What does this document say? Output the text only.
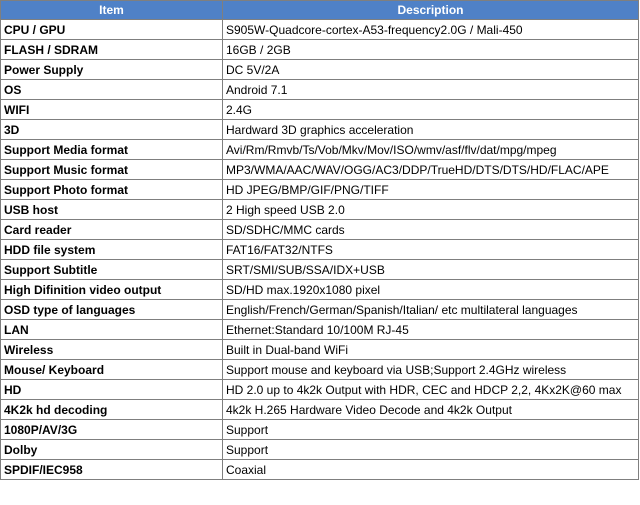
Item	Description
CPU / GPU	S905W-Quadcore-cortex-A53-frequency2.0G / Mali-450
FLASH / SDRAM	16GB / 2GB
Power Supply	DC 5V/2A
OS	Android 7.1
WIFI	2.4G
3D	Hardward 3D graphics acceleration
Support Media format	Avi/Rm/Rmvb/Ts/Vob/Mkv/Mov/ISO/wmv/asf/flv/dat/mpg/mpeg
Support Music format	MP3/WMA/AAC/WAV/OGG/AC3/DDP/TrueHD/DTS/DTS/HD/FLAC/APE
Support Photo format	HD JPEG/BMP/GIF/PNG/TIFF
USB host	2 High speed USB 2.0
Card reader	SD/SDHC/MMC cards
HDD file system	FAT16/FAT32/NTFS
Support Subtitle	SRT/SMI/SUB/SSA/IDX+USB
High Difinition video output	SD/HD max.1920x1080 pixel
OSD type of languages	English/French/German/Spanish/Italian/ etc multilateral languages
LAN	Ethernet:Standard 10/100M RJ-45
Wireless	Built in Dual-band WiFi
Mouse/ Keyboard	Support mouse and keyboard via USB;Support 2.4GHz wireless
HD	HD 2.0 up to 4k2k Output with HDR, CEC and HDCP 2,2, 4Kx2K@60 max
4K2k hd decoding	4k2k H.265 Hardware Video Decode and 4k2k Output
1080P/AV/3G	Support
Dolby	Support
SPDIF/IEC958	Coaxial
